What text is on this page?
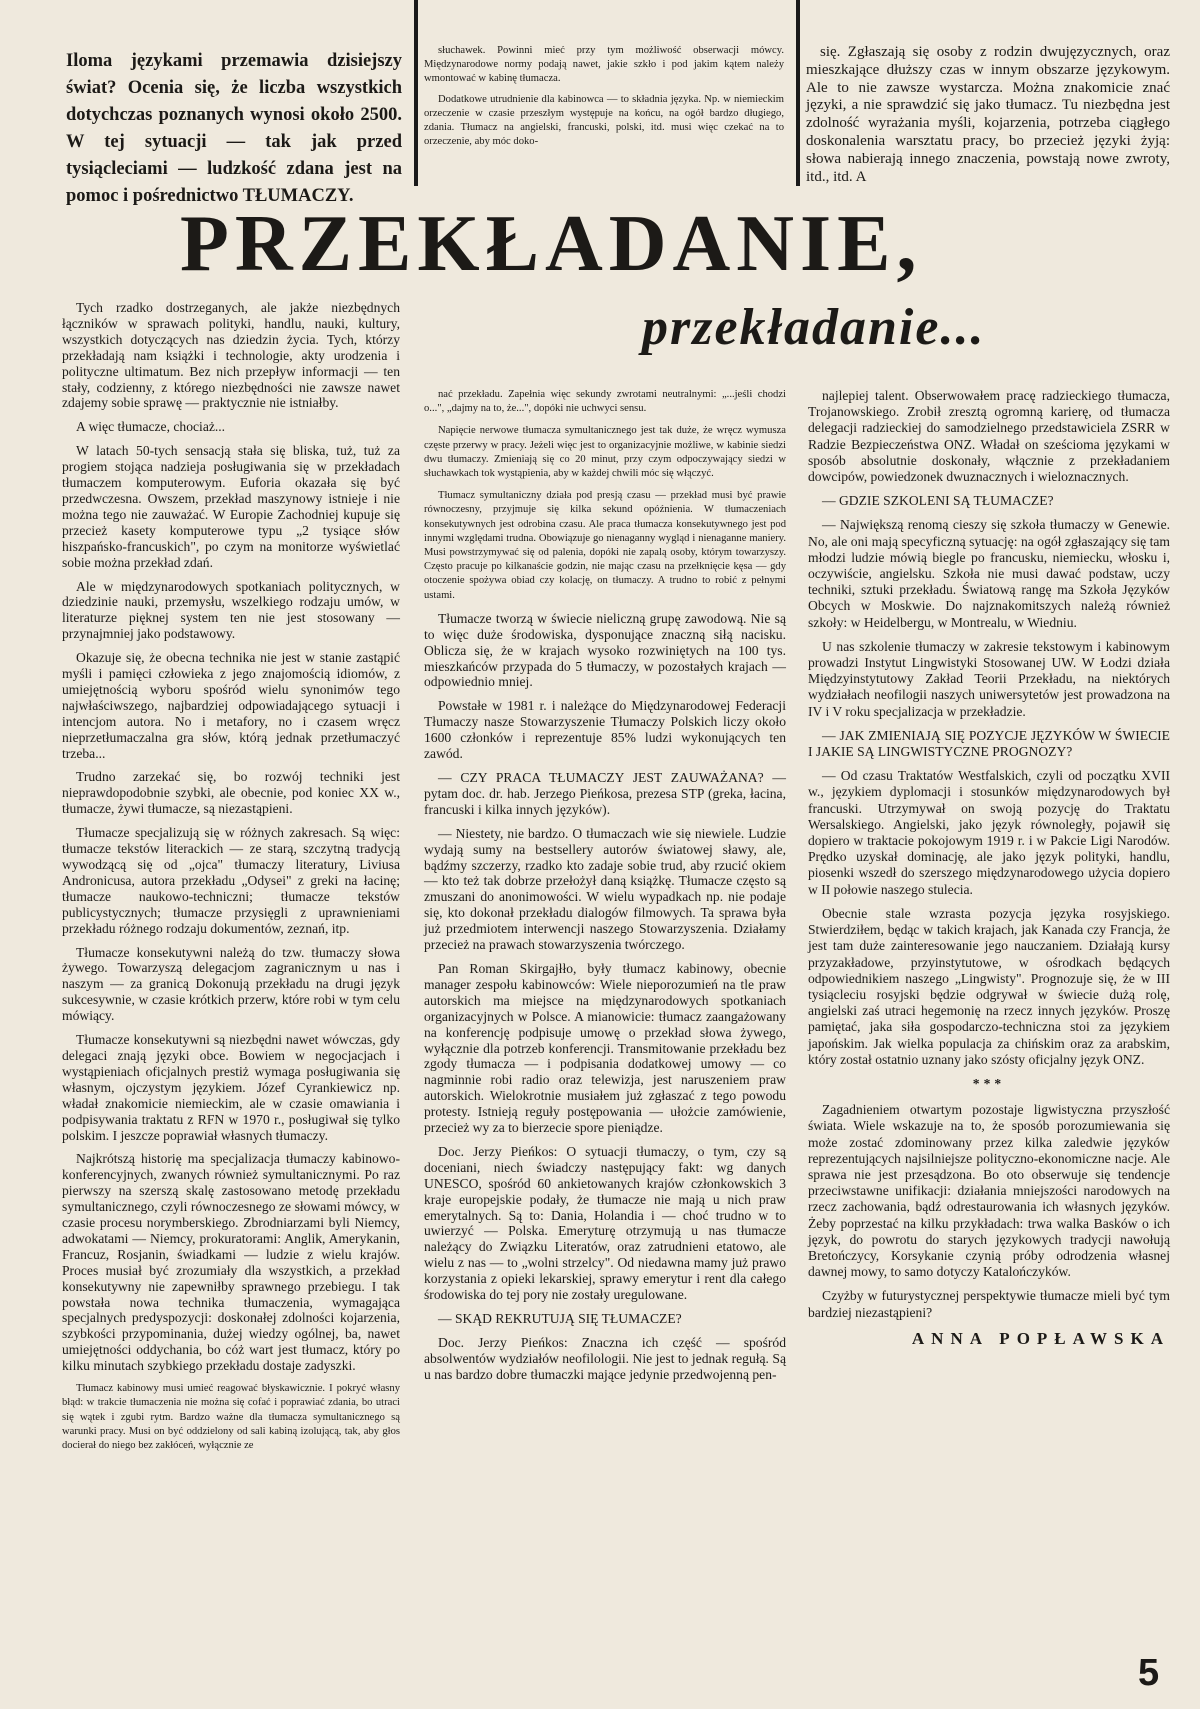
Iloma językami przemawia dzisiejszy świat? Ocenia się, że liczba wszystkich dotychczas poznanych wynosi około 2500. W tej sytuacji — tak jak przed tysiącleciami — ludzkość zdana jest na pomoc i pośrednictwo TŁUMACZY.

słuchawek. Powinni mieć przy tym możliwość obserwacji mówcy. Międzynarodowe normy podają nawet, jakie szkło i pod jakim kątem należy wmontować w kabinę tłumacza.

Dodatkowe utrudnienie dla kabinowca — to składnia języka. Np. w niemieckim orzeczenie w czasie przeszłym występuje na końcu, na ogół bardzo długiego, zdania. Tłumacz na angielski, francuski, polski, itd. musi więc czekać na to orzeczenie, aby móc doko-

się. Zgłaszają się osoby z rodzin dwujęzycznych, oraz mieszkające dłuższy czas w innym obszarze językowym. Ale to nie zawsze wystarcza. Można znakomicie znać języki, a nie sprawdzić się jako tłumacz. Tu niezbędna jest zdolność wyrażania myśli, kojarzenia, potrzeba ciągłego doskonalenia warsztatu pracy, bo przecież języki żyją: słowa nabierają innego znaczenia, powstają nowe zwroty, itd., itd. A

PRZEKŁADANIE,
przekładanie...

Tych rzadko dostrzeganych, ale jakże niezbędnych łączników w sprawach polityki, handlu, nauki, kultury, wszystkich dotyczących nas dziedzin życia. Tych, którzy przekładają nam książki i technologie, akty urodzenia i polityczne ultimatum. Bez nich przepływ informacji — ten stały, codzienny, z którego niezbędności nie zawsze nawet zdajemy sobie sprawę — praktycznie nie istniałby.

A więc tłumacze, chociaż...

W latach 50-tych sensacją stała się bliska, tuż, tuż za progiem stojąca nadzieja posługiwania się w przekładach tłumaczem komputerowym. Euforia okazała się być przedwczesna. Owszem, przekład maszynowy istnieje i nie można tego nie zauważać. W Europie Zachodniej kupuje się przecież kasety komputerowe typu „2 tysiące słów hiszpańsko-francuskich", po czym na monitorze wyświetlać sobie można przekład zdań.

Ale w międzynarodowych spotkaniach politycznych, w dziedzinie nauki, przemysłu, wszelkiego rodzaju umów, w literaturze pięknej system ten nie jest stosowany — przynajmniej jako podstawowy.

Okazuje się, że obecna technika nie jest w stanie zastąpić myśli i pamięci człowieka z jego znajomością idiomów, z umiejętnością wyboru spośród wielu synonimów tego najwłaściwszego, najbardziej odpowiadającego sytuacji i intencjom autora. No i metafory, no i czasem wręcz nieprzetłumaczalna gra słów, którą jednak przetłumaczyć trzeba...

Trudno zarzekać się, bo rozwój techniki jest nieprawdopodobnie szybki, ale obecnie, pod koniec XX w., tłumacze, żywi tłumacze, są niezastąpieni.

Tłumacze specjalizują się w różnych zakresach. Są więc: tłumacze tekstów literackich — ze starą, szczytną tradycją wywodzącą się od „ojca" tłumaczy literatury, Liviusa Andronicusa, autora przekładu „Odysei" z greki na łacinę; tłumacze naukowo-techniczni; tłumacze tekstów publicystycznych; tłumacze przysięgli z uprawnieniami przekładu różnego rodzaju dokumentów, zeznań, itp.

Tłumacze konsekutywni należą do tzw. tłumaczy słowa żywego. Towarzyszą delegacjom zagranicznym u nas i naszym — za granicą Dokonują przekładu na drugi język sukcesywnie, w czasie krótkich przerw, które robi w tym celu mówiący.

Tłumacze konsekutywni są niezbędni nawet wówczas, gdy delegaci znają języki obce. Bowiem w negocjacjach i wystąpieniach oficjalnych prestiż wymaga posługiwania się własnym, ojczystym językiem. Józef Cyrankiewicz np. władał znakomicie niemieckim, ale w czasie omawiania i podpisywania traktatu z RFN w 1970 r., posługiwał się tylko polskim. I jeszcze poprawiał własnych tłumaczy.

Najkrótszą historię ma specjalizacja tłumaczy kabinowo-konferencyjnych, zwanych również symultanicznymi. Po raz pierwszy na szerszą skalę zastosowano metodę przekładu symultanicznego, czyli równoczesnego ze słowami mówcy, w czasie procesu norymberskiego. Zbrodniarzami byli Niemcy, adwokatami — Niemcy, prokuratorami: Anglik, Amerykanin, Francuz, Rosjanin, świadkami — ludzie z wielu krajów. Proces musiał być zrozumiały dla wszystkich, a przekład konsekutywny nie zapewniłby sprawnego przebiegu. I tak powstała nowa technika tłumaczenia, wymagająca specjalnych predyspozycji: doskonałej zdolności kojarzenia, szybkości przypominania, dużej wiedzy ogólnej, ba, nawet umiejętności oddychania, bo cóż wart jest tłumacz, który po kilku minutach szybkiego przekładu dostaje zadyszki.

Tłumacz kabinowy musi umieć reagować błyskawicznie. I pokryć własny błąd: w trakcie tłumaczenia nie można się cofać i poprawiać zdania, bo utraci się wątek i zgubi rytm. Bardzo ważne dla tłumacza symultanicznego są warunki pracy. Musi on być oddzielony od sali kabiną izolującą, tak, aby głos docierał do niego bez zakłóceń, wyłącznie ze

nać przekładu. Zapełnia więc sekundy zwrotami neutralnymi: „...jeśli chodzi o...", „dajmy na to, że...", dopóki nie uchwyci sensu.

Napięcie nerwowe tłumacza symultanicznego jest tak duże, że wręcz wymusza częste przerwy w pracy. Jeżeli więc jest to organizacyjnie możliwe, w kabinie siedzi dwu tłumaczy. Zmieniają się co 20 minut, przy czym odpoczywający siedzi w słuchawkach tok wystąpienia, aby w każdej chwili móc się włączyć.

Tłumacz symultaniczny działa pod presją czasu — przekład musi być prawie równoczesny, przyjmuje się kilka sekund opóźnienia. W tłumaczeniach konsekutywnych jest odrobina czasu. Ale praca tłumacza konsekutywnego jest pod innymi względami trudna. Obowiązuje go nienaganny wygląd i nienaganne maniery. Musi powstrzymywać się od palenia, dopóki nie zapalą osoby, którym towarzyszy. Często pracuje po kilkanaście godzin, nie mając czasu na przełknięcie kęsa — gdy otoczenie spożywa obiad czy kolację, on tłumaczy. A trudno to robić z pełnymi ustami.

Tłumacze tworzą w świecie nieliczną grupę zawodową. Nie są to więc duże środowiska, dysponujące znaczną siłą nacisku. Oblicza się, że w krajach wysoko rozwiniętych na 100 tys. mieszkańców przypada do 5 tłumaczy, w pozostałych krajach — odpowiednio mniej.

Powstałe w 1981 r. i należące do Międzynarodowej Federacji Tłumaczy nasze Stowarzyszenie Tłumaczy Polskich liczy około 1600 członków i reprezentuje 85% ludzi wykonujących ten zawód.

— CZY PRACA TŁUMACZY JEST ZAUWAŻANA? — pytam doc. dr. hab. Jerzego Pieńkosa, prezesa STP (greka, łacina, francuski i kilka innych języków).

— Niestety, nie bardzo. O tłumaczach wie się niewiele. Ludzie wydają sumy na bestsellery autorów światowej sławy, ale, bądźmy szczerzy, rzadko kto zadaje sobie trud, aby rzucić okiem — kto też tak dobrze przełożył daną książkę. Tłumacze często są zmuszani do anonimowości. W wielu wypadkach np. nie podaje się, kto dokonał przekładu dialogów filmowych. Ta sprawa była już przedmiotem interwencji naszego Stowarzyszenia. Działamy przecież na prawach stowarzyszenia twórczego.

Pan Roman Skirgajłło, były tłumacz kabinowy, obecnie manager zespołu kabinowców: Wiele nieporozumień na tle praw autorskich ma miejsce na międzynarodowych spotkaniach organizacyjnych w Polsce. A mianowicie: tłumacz zaangażowany na konferencję podpisuje umowę o przekład słowa żywego, wyłącznie dla potrzeb konferencji. Transmitowanie przekładu bez zgody tłumacza — i podpisania dodatkowej umowy — co nagminnie robi radio oraz telewizja, jest naruszeniem praw autorskich. Wielokrotnie musiałem już zgłaszać z tego powodu protesty. Istnieją reguły postępowania — ułożcie zamówienie, przecież wy za to bierzecie spore pieniądze.

Doc. Jerzy Pieńkos: O sytuacji tłumaczy, o tym, czy są doceniani, niech świadczy następujący fakt: wg danych UNESCO, spośród 60 ankietowanych krajów członkowskich 3 kraje europejskie podały, że tłumacze nie mają u nich praw emerytalnych. Są to: Dania, Holandia i — choć trudno w to uwierzyć — Polska. Emeryturę otrzymują u nas tłumacze należący do Związku Literatów, oraz zatrudnieni etatowo, ale wielu z nas — to „wolni strzelcy". Od niedawna mamy już prawo korzystania z opieki lekarskiej, sprawy emerytur i rent dla całego środowiska do tej pory nie zostały uregulowane.

— SKĄD REKRUTUJĄ SIĘ TŁUMACZE?

Doc. Jerzy Pieńkos: Znaczna ich część — spośród absolwentów wydziałów neofilologii. Nie jest to jednak regułą. Są u nas bardzo dobre tłumaczki mające jedynie przedwojenną pen-

najlepiej talent. Obserwowałem pracę radzieckiego tłumacza, Trojanowskiego. Zrobił zresztą ogromną karierę, od tłumacza delegacji radzieckiej do samodzielnego przedstawiciela ZSRR w Radzie Bezpieczeństwa ONZ. Władał on sześcioma językami w sposób absolutnie doskonały, włącznie z przekładaniem dowcipów, powiedzonek dwuznacznych i wieloznacznych.

— GDZIE SZKOLENI SĄ TŁUMACZE?

— Największą renomą cieszy się szkoła tłumaczy w Genewie. No, ale oni mają specyficzną sytuację: na ogół zgłaszający się tam młodzi ludzie mówią biegle po francusku, niemiecku, włosku i, oczywiście, angielsku. Szkoła nie musi dawać podstaw, uczy techniki, sztuki przekładu. Światową rangę ma Szkoła Języków Obcych w Moskwie. Do najznakomitszych należą również szkoły: w Heidelbergu, w Montrealu, w Wiedniu.

U nas szkolenie tłumaczy w zakresie tekstowym i kabinowym prowadzi Instytut Lingwistyki Stosowanej UW. W Łodzi działa Międzyinstytutowy Zakład Teorii Przekładu, na niektórych wydziałach neofilogii naszych uniwersytetów jest prowadzona na IV i V roku specjalizacja w przekładzie.

— JAK ZMIENIAJĄ SIĘ POZYCJE JĘZYKÓW W ŚWIECIE I JAKIE SĄ LINGWISTYCZNE PROGNOZY?

— Od czasu Traktatów Westfalskich, czyli od początku XVII w., językiem dyplomacji i stosunków międzynarodowych był francuski. Utrzymywał on swoją pozycję do Traktatu Wersalskiego. Angielski, jako język równoległy, pojawił się dopiero w traktacie pokojowym 1919 r. i w Pakcie Ligi Narodów. Prędko uzyskał dominację, ale jako język polityki, handlu, piosenki wszedł do szerszego międzynarodowego użycia dopiero w II połowie naszego stulecia.

Obecnie stale wzrasta pozycja języka rosyjskiego. Stwierdziłem, będąc w takich krajach, jak Kanada czy Francja, że jest tam duże zainteresowanie jego nauczaniem. Działają kursy przyzakładowe, przyinstytutowe, w ośrodkach będących odpowiednikiem naszego „Lingwisty". Prognozuje się, że w III tysiącleciu rosyjski będzie odgrywał w świecie dużą rolę, angielski zaś utraci hegemonię na rzecz innych języków. Proszę pamiętać, jaka siła gospodarczo-techniczna stoi za językiem japońskim. Jak wielka populacja za chińskim oraz za arabskim, który został ostatnio uznany jako szósty oficjalny język ONZ.

***

Zagadnieniem otwartym pozostaje ligwistyczna przyszłość świata. Wiele wskazuje na to, że sposób porozumiewania się może zostać zdominowany przez kilka zaledwie języków reprezentujących najsilniejsze polityczno-ekonomiczne nacje. Ale sprawa nie jest przesądzona. Bo oto obserwuje się tendencje przeciwstawne unifikacji: działania mniejszości narodowych na rzecz zachowania, bądź odrestaurowania ich własnych języków. Żeby poprzestać na kilku przykładach: trwa walka Basków o ich język, do powrotu do starych językowych tradycji nawołują Bretończycy, Korsykanie czynią próby odrodzenia własnej dawnej mowy, to samo dotyczy Katalończyków.

Czyżby w futurystycznej perspektywie tłumacze mieli być tym bardziej niezastąpieni?

ANNA POPŁAWSKA
5
